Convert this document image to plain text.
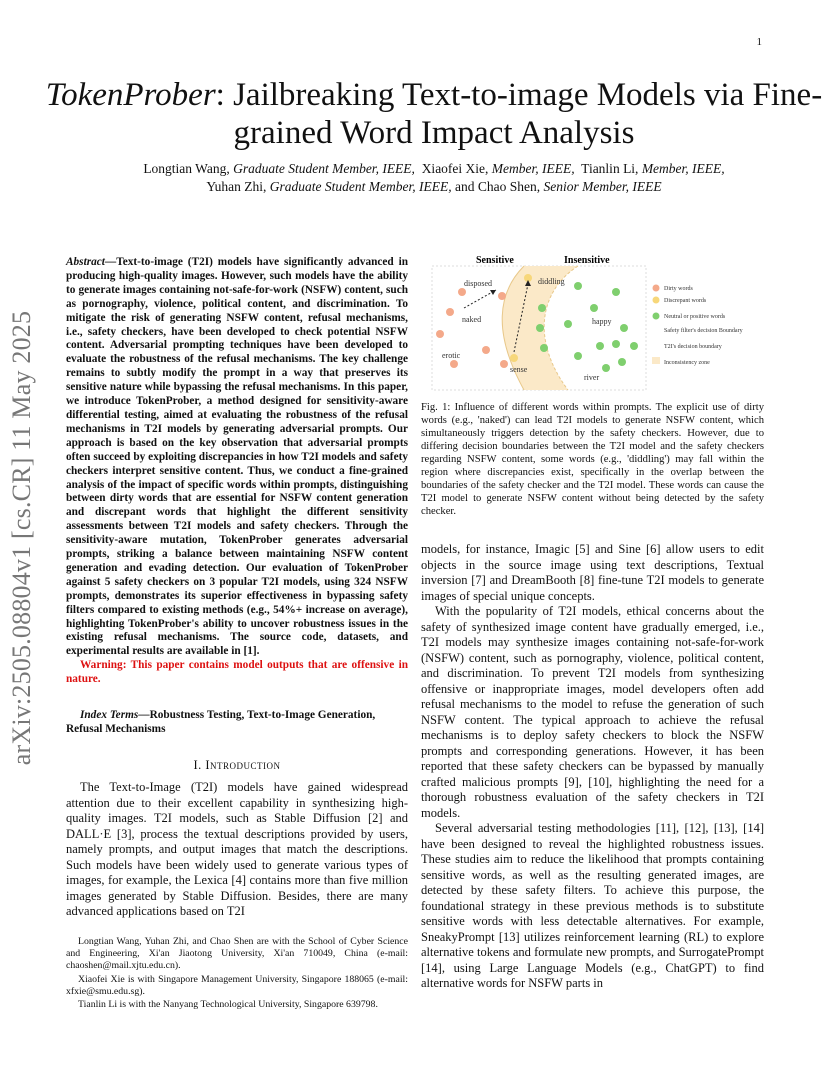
1
arXiv:2505.08804v1 [cs.CR] 11 May 2025
TokenProber: Jailbreaking Text-to-image Models via Fine-grained Word Impact Analysis
Longtian Wang, Graduate Student Member, IEEE, Xiaofei Xie, Member, IEEE, Tianlin Li, Member, IEEE,
Yuhan Zhi, Graduate Student Member, IEEE, and Chao Shen, Senior Member, IEEE
Abstract—Text-to-image (T2I) models have significantly advanced in producing high-quality images. However, such models have the ability to generate images containing not-safe-for-work (NSFW) content, such as pornography, violence, political content, and discrimination. To mitigate the risk of generating NSFW content, refusal mechanisms, i.e., safety checkers, have been developed to check potential NSFW content. Adversarial prompting techniques have been developed to evaluate the robustness of the refusal mechanisms. The key challenge remains to subtly modify the prompt in a way that preserves its sensitive nature while bypassing the refusal mechanisms. In this paper, we introduce TokenProber, a method designed for sensitivity-aware differential testing, aimed at evaluating the robustness of the refusal mechanisms in T2I models by generating adversarial prompts. Our approach is based on the key observation that adversarial prompts often succeed by exploiting discrepancies in how T2I models and safety checkers interpret sensitive content. Thus, we conduct a fine-grained analysis of the impact of specific words within prompts, distinguishing between dirty words that are essential for NSFW content generation and discrepant words that highlight the different sensitivity assessments between T2I models and safety checkers. Through the sensitivity-aware mutation, TokenProber generates adversarial prompts, striking a balance between maintaining NSFW content generation and evading detection. Our evaluation of TokenProber against 5 safety checkers on 3 popular T2I models, using 324 NSFW prompts, demonstrates its superior effectiveness in bypassing safety filters compared to existing methods (e.g., 54%+ increase on average), highlighting TokenProber's ability to uncover robustness issues in the existing refusal mechanisms. The source code, datasets, and experimental results are available in [1].
Warning: This paper contains model outputs that are offensive in nature.
Index Terms—Robustness Testing, Text-to-Image Generation, Refusal Mechanisms
I. Introduction

The Text-to-Image (T2I) models have gained widespread attention due to their excellent capability in synthesizing high-quality images. T2I models, such as Stable Diffusion [2] and DALL·E [3], process the textual descriptions provided by users, namely prompts, and output images that match the descriptions. Such models have been widely used to generate various types of images, for example, the Lexica [4] contains more than five million images generated by Stable Diffusion. Besides, there are many advanced applications based on T2I

Longtian Wang, Yuhan Zhi, and Chao Shen are with the School of Cyber Science and Engineering, Xi'an Jiaotong University, Xi'an 710049, China (e-mail: chaoshen@mail.xjtu.edu.cn).

Xiaofei Xie is with Singapore Management University, Singapore 188065 (e-mail: xfxie@smu.edu.sg).

Tianlin Li is with the Nanyang Technological University, Singapore 639798.

Sensitive	Insensitive
disposed
naked
erotic
sense
diddling
happy
river
Dirty words
Discrepant words
Neutral or positive words
Safety filter's decision Boundary
T2I's decision boundary
Inconsistency zone
Fig. 1: Influence of different words within prompts. The explicit use of dirty words (e.g., 'naked') can lead T2I models to generate NSFW content, which simultaneously triggers detection by the safety checkers. However, due to differing decision boundaries between the T2I model and the safety checkers regarding NSFW content, some words (e.g., 'diddling') may fall within the region where discrepancies exist, specifically in the overlap between the boundaries of the safety checker and the T2I model. These words can cause the T2I model to generate NSFW content without being detected by the safety checker.

models, for instance, Imagic [5] and Sine [6] allow users to edit objects in the source image using text descriptions, Textual inversion [7] and DreamBooth [8] fine-tune T2I models to generate images of special unique concepts.

With the popularity of T2I models, ethical concerns about the safety of synthesized image content have gradually emerged, i.e., T2I models may synthesize images containing not-safe-for-work (NSFW) content, such as pornography, violence, political content, and discrimination. To prevent T2I models from synthesizing offensive or inappropriate images, model developers often add refusal mechanisms to the model to refuse the generation of such NSFW content. The typical approach to achieve the refusal mechanisms is to deploy safety checkers to block the NSFW prompts and corresponding generations. However, it has been reported that these safety checkers can be bypassed by manually crafted malicious prompts [9], [10], highlighting the need for a thorough robustness evaluation of the safety checkers in T2I models.

Several adversarial testing methodologies [11], [12], [13], [14] have been designed to reveal the highlighted robustness issues. These studies aim to reduce the likelihood that prompts containing sensitive words, as well as the resulting generated images, are detected by these safety filters. To achieve this purpose, the foundational strategy in these previous methods is to substitute sensitive words with less detectable alternatives. For example, SneakyPrompt [13] utilizes reinforcement learning (RL) to explore alternative tokens and formulate new prompts, and SurrogatePrompt [14], using Large Language Models (e.g., ChatGPT) to find alternative words for NSFW parts in
